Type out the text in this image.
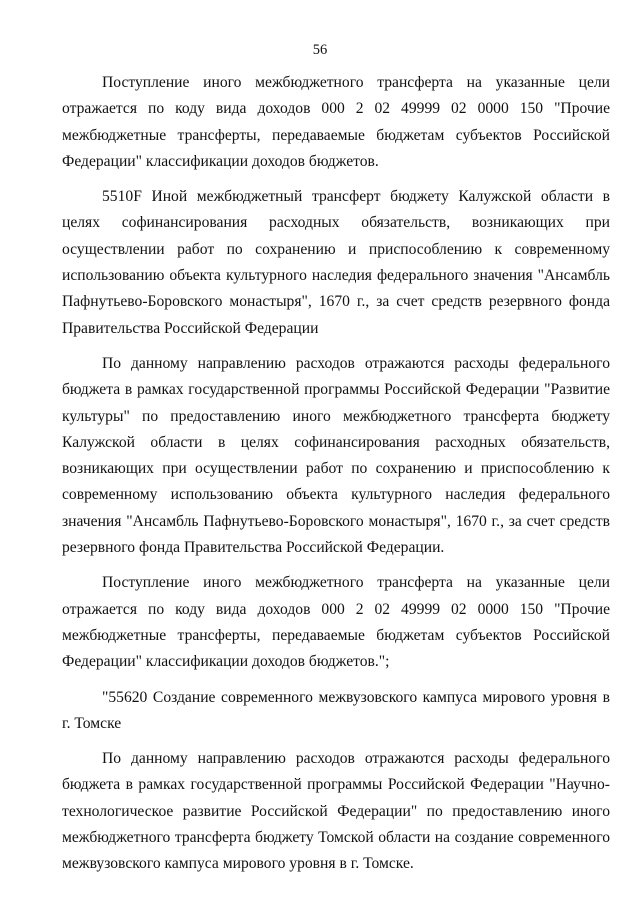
56

Поступление иного межбюджетного трансферта на указанные цели отражается по коду вида доходов 000 2 02 49999 02 0000 150 "Прочие межбюджетные трансферты, передаваемые бюджетам субъектов Российской Федерации" классификации доходов бюджетов.

5510F Иной межбюджетный трансферт бюджету Калужской области в целях софинансирования расходных обязательств, возникающих при осуществлении работ по сохранению и приспособлению к современному использованию объекта культурного наследия федерального значения "Ансамбль Пафнутьево-Боровского монастыря", 1670 г., за счет средств резервного фонда Правительства Российской Федерации

По данному направлению расходов отражаются расходы федерального бюджета в рамках государственной программы Российской Федерации "Развитие культуры" по предоставлению иного межбюджетного трансферта бюджету Калужской области в целях софинансирования расходных обязательств, возникающих при осуществлении работ по сохранению и приспособлению к современному использованию объекта культурного наследия федерального значения "Ансамбль Пафнутьево-Боровского монастыря", 1670 г., за счет средств резервного фонда Правительства Российской Федерации.

Поступление иного межбюджетного трансферта на указанные цели отражается по коду вида доходов 000 2 02 49999 02 0000 150 "Прочие межбюджетные трансферты, передаваемые бюджетам субъектов Российской Федерации" классификации доходов бюджетов.";

"55620 Создание современного межвузовского кампуса мирового уровня в г. Томске

По данному направлению расходов отражаются расходы федерального бюджета в рамках государственной программы Российской Федерации "Научно-технологическое развитие Российской Федерации" по предоставлению иного межбюджетного трансферта бюджету Томской области на создание современного межвузовского кампуса мирового уровня в г. Томске.
